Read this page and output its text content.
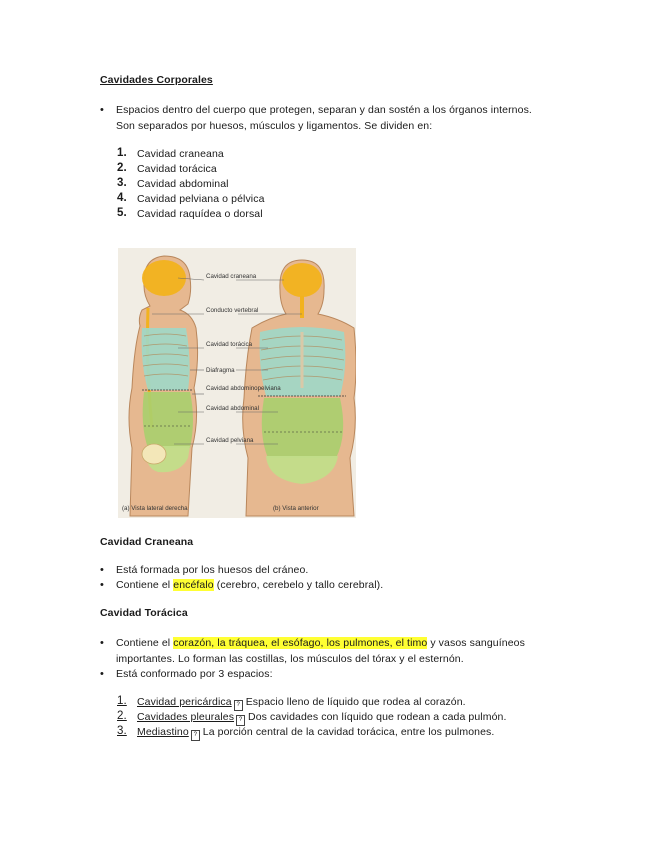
Cavidades Corporales
• Espacios dentro del cuerpo que protegen, separan y dan sostén a los órganos internos.
Son separados por huesos, músculos y ligamentos. Se dividen en:
1. Cavidad craneana
2. Cavidad torácica
3. Cavidad abdominal
4. Cavidad pelviana o pélvica
5. Cavidad raquídea o dorsal
Cavidad craneana
Conducto vertebral
Cavidad torácica
Diafragma
Cavidad abdominopelviana
Cavidad abdominal
Cavidad pelviana
(a) Vista lateral derecha	(b) Vista anterior
Cavidad Craneana
• Está formada por los huesos del cráneo.
• Contiene el encéfalo (cerebro, cerebelo y tallo cerebral).
Cavidad Torácica
• Contiene el corazón, la tráquea, el esófago, los pulmones, el timo y vasos sanguíneos
importantes. Lo forman las costillas, los músculos del tórax y el esternón.
• Está conformado por 3 espacios:
1. Cavidad pericárdica ? Espacio lleno de líquido que rodea al corazón.
2. Cavidades pleurales ? Dos cavidades con líquido que rodean a cada pulmón.
3. Mediastino ? La porción central de la cavidad torácica, entre los pulmones.
